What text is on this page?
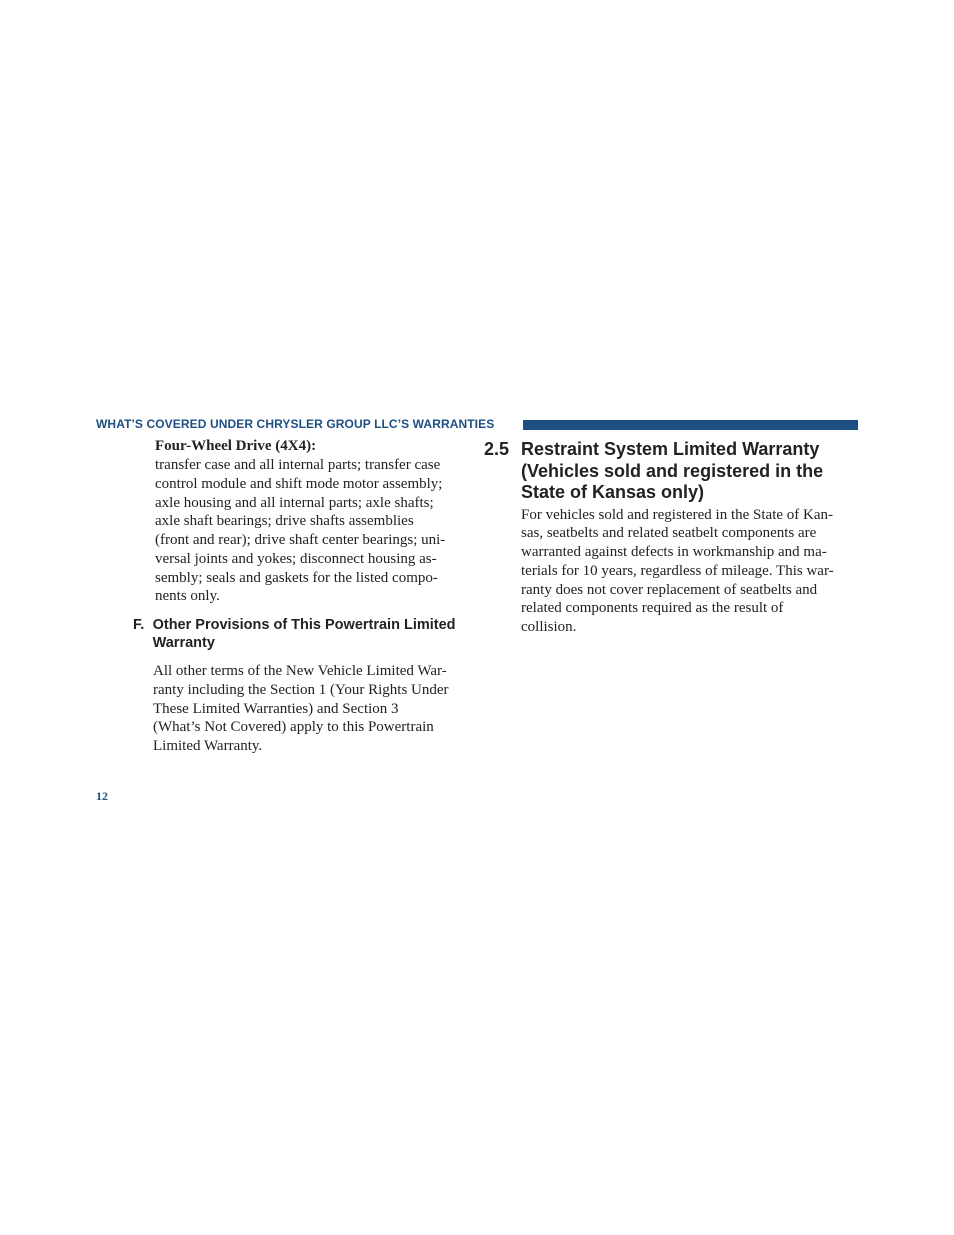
WHAT’S COVERED UNDER CHRYSLER GROUP LLC’S WARRANTIES
Four-Wheel Drive (4X4):
transfer case and all internal parts; transfer case
control module and shift mode motor assembly;
axle housing and all internal parts; axle shafts;
axle shaft bearings; drive shafts assemblies
(front and rear); drive shaft center bearings; uni-
versal joints and yokes; disconnect housing as-
sembly; seals and gaskets for the listed compo-
nents only.
F. Other Provisions of This Powertrain Limited
Warranty
All other terms of the New Vehicle Limited War-
ranty including the Section 1 (Your Rights Under
These Limited Warranties) and Section 3
(What’s Not Covered) apply to this Powertrain
Limited Warranty.
2.5 Restraint System Limited Warranty
(Vehicles sold and registered in the
State of Kansas only)
For vehicles sold and registered in the State of Kan-
sas, seatbelts and related seatbelt components are
warranted against defects in workmanship and ma-
terials for 10 years, regardless of mileage. This war-
ranty does not cover replacement of seatbelts and
related components required as the result of
collision.
12
